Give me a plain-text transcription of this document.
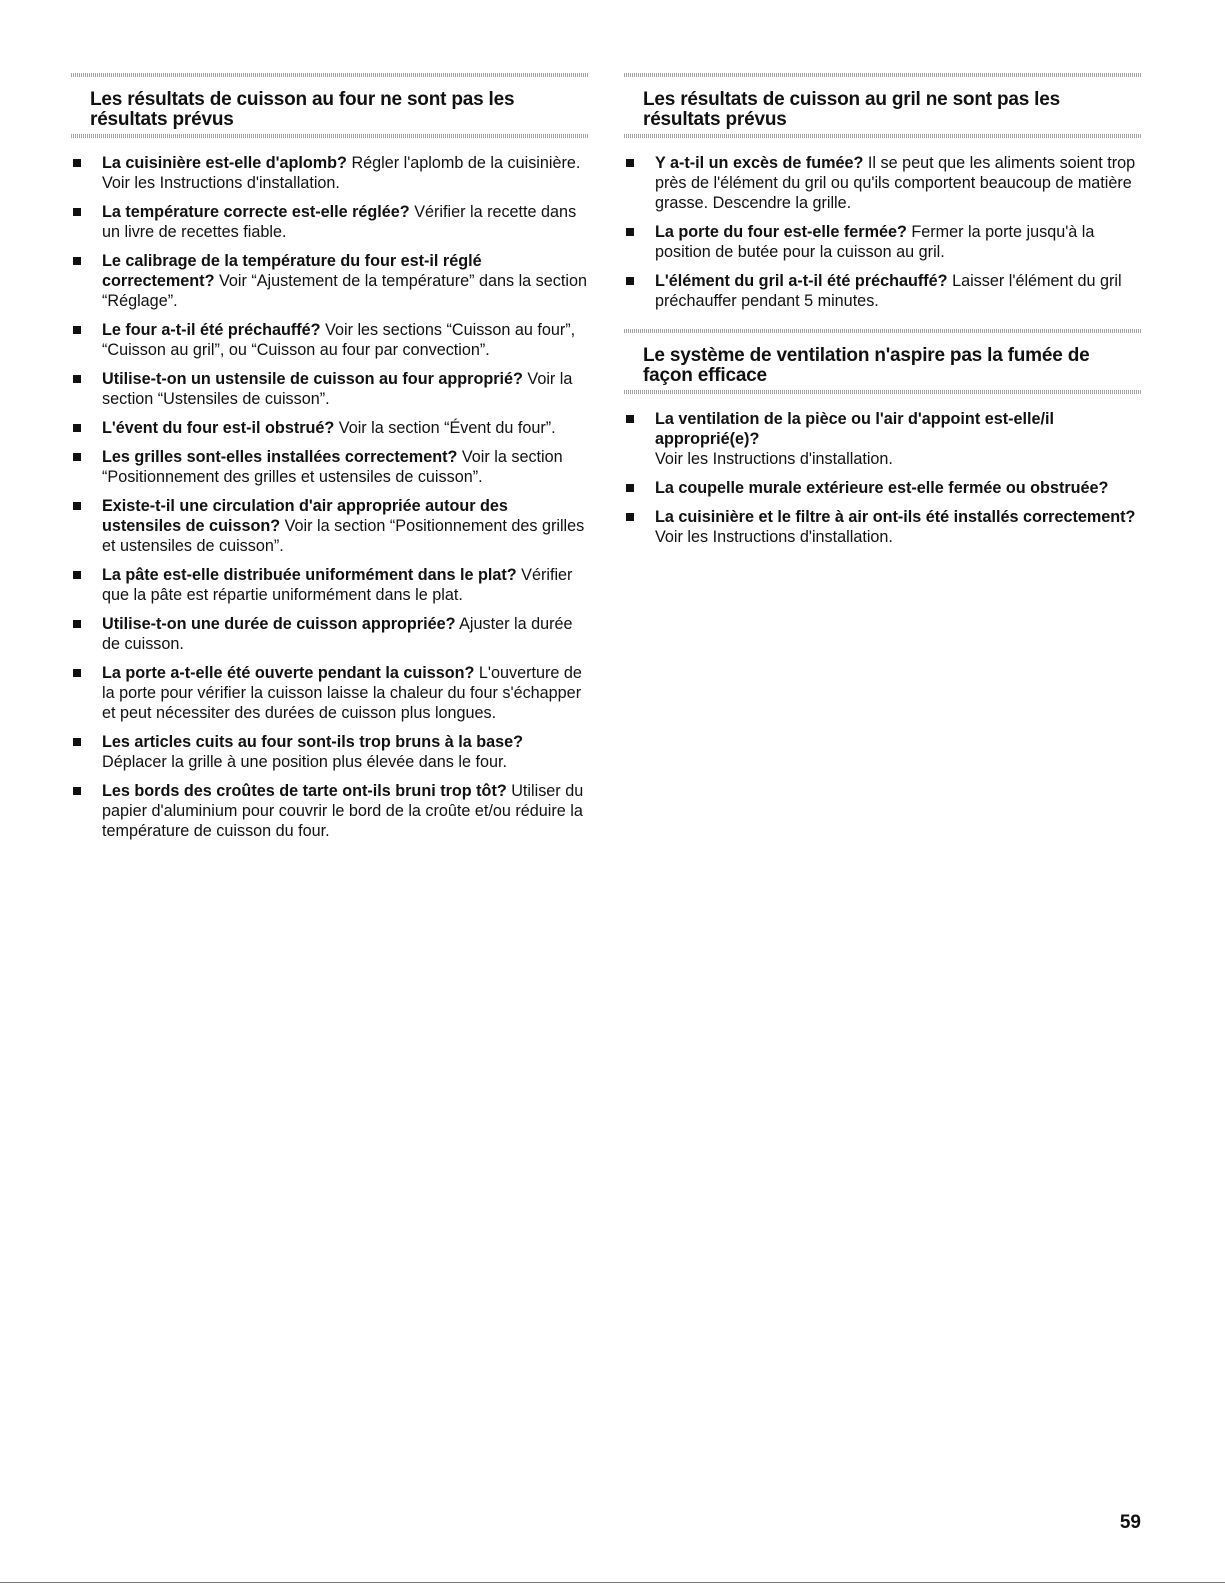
Les résultats de cuisson au four ne sont pas les résultats prévus
La cuisinière est-elle d'aplomb? Régler l'aplomb de la cuisinière. Voir les Instructions d'installation.
La température correcte est-elle réglée? Vérifier la recette dans un livre de recettes fiable.
Le calibrage de la température du four est-il réglé correctement? Voir “Ajustement de la température” dans la section “Réglage”.
Le four a-t-il été préchauffé? Voir les sections “Cuisson au four”, “Cuisson au gril”, ou “Cuisson au four par convection”.
Utilise-t-on un ustensile de cuisson au four approprié? Voir la section “Ustensiles de cuisson”.
L'évent du four est-il obstrué? Voir la section “Évent du four”.
Les grilles sont-elles installées correctement? Voir la section “Positionnement des grilles et ustensiles de cuisson”.
Existe-t-il une circulation d'air appropriée autour des ustensiles de cuisson? Voir la section “Positionnement des grilles et ustensiles de cuisson”.
La pâte est-elle distribuée uniformément dans le plat? Vérifier que la pâte est répartie uniformément dans le plat.
Utilise-t-on une durée de cuisson appropriée? Ajuster la durée de cuisson.
La porte a-t-elle été ouverte pendant la cuisson? L'ouverture de la porte pour vérifier la cuisson laisse la chaleur du four s'échapper et peut nécessiter des durées de cuisson plus longues.
Les articles cuits au four sont-ils trop bruns à la base? Déplacer la grille à une position plus élevée dans le four.
Les bords des croûtes de tarte ont-ils bruni trop tôt? Utiliser du papier d'aluminium pour couvrir le bord de la croûte et/ou réduire la température de cuisson du four.
Les résultats de cuisson au gril ne sont pas les résultats prévus
Y a-t-il un excès de fumée? Il se peut que les aliments soient trop près de l'élément du gril ou qu'ils comportent beaucoup de matière grasse. Descendre la grille.
La porte du four est-elle fermée? Fermer la porte jusqu'à la position de butée pour la cuisson au gril.
L'élément du gril a-t-il été préchauffé? Laisser l'élément du gril préchauffer pendant 5 minutes.
Le système de ventilation n'aspire pas la fumée de façon efficace
La ventilation de la pièce ou l'air d'appoint est-elle/il approprié(e)?
Voir les Instructions d'installation.
La coupelle murale extérieure est-elle fermée ou obstruée?
La cuisinière et le filtre à air ont-ils été installés correctement?
Voir les Instructions d'installation.
59
